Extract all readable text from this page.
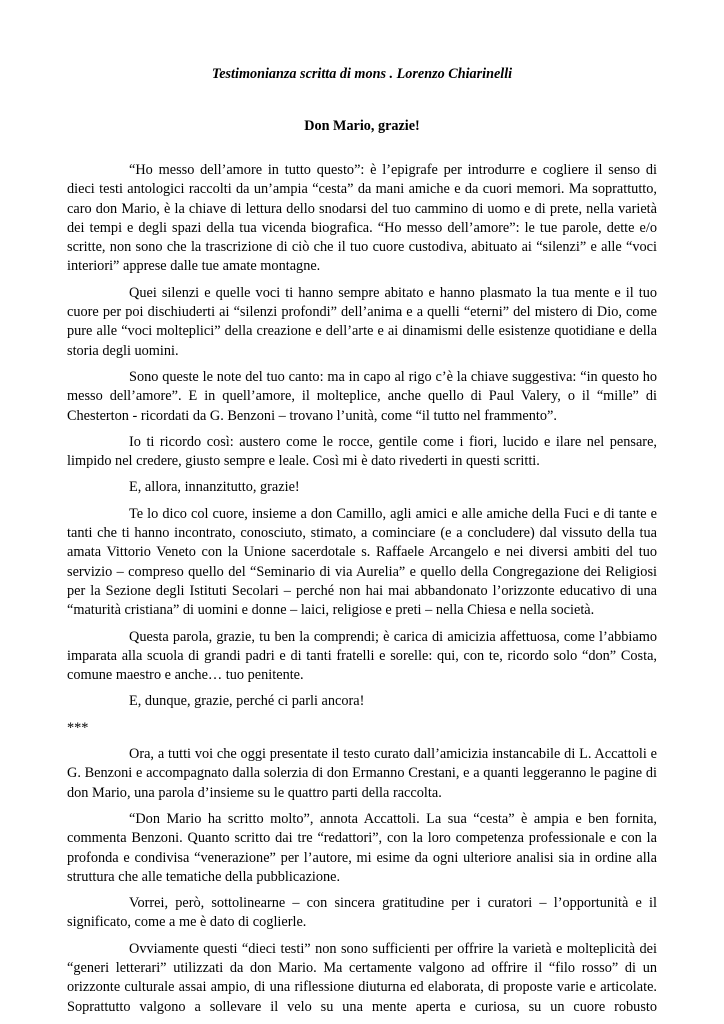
Testimonianza scritta di mons . Lorenzo Chiarinelli
Don Mario, grazie!

“Ho messo dell’amore in tutto questo”: è l’epigrafe per introdurre e cogliere il senso di dieci testi antologici raccolti da un’ampia “cesta” da mani amiche e da cuori memori. Ma soprattutto, caro don Mario, è la chiave di lettura dello snodarsi del tuo cammino di uomo e di prete, nella varietà dei tempi e degli spazi della tua vicenda biografica. “Ho messo dell’amore”: le tue parole, dette e/o scritte, non sono che la trascrizione di ciò che il tuo cuore custodiva, abituato ai “silenzi” e alle “voci interiori” apprese dalle tue amate montagne.

Quei silenzi e quelle voci ti hanno sempre abitato e hanno plasmato la tua mente e il tuo cuore per poi dischiuderti ai “silenzi profondi” dell’anima e a quelli “eterni” del mistero di Dio, come pure alle “voci molteplici” della creazione e dell’arte e ai dinamismi delle esistenze quotidiane e della storia degli uomini.

Sono queste le note del tuo canto: ma in capo al rigo c’è la chiave suggestiva: “in questo ho messo dell’amore”. E in quell’amore, il molteplice, anche quello di Paul Valery, o il “mille” di Chesterton - ricordati da G. Benzoni – trovano l’unità, come “il tutto nel frammento”.

Io ti ricordo così: austero come le rocce, gentile come i fiori, lucido e ilare nel pensare, limpido nel credere, giusto sempre e leale. Così mi è dato rivederti in questi scritti.

E, allora, innanzitutto, grazie!

Te lo dico col cuore, insieme a don Camillo, agli amici e alle amiche della Fuci e di tante e tanti che ti hanno incontrato, conosciuto, stimato, a cominciare (e a concludere) dal vissuto della tua amata Vittorio Veneto con la Unione sacerdotale s. Raffaele Arcangelo e nei diversi ambiti del tuo servizio – compreso quello del “Seminario di via Aurelia” e quello della Congregazione dei Religiosi per la Sezione degli Istituti Secolari – perché non hai mai abbandonato l’orizzonte educativo di una “maturità cristiana” di uomini e donne – laici, religiose e preti – nella Chiesa e nella società.

Questa parola, grazie, tu ben la comprendi; è carica di amicizia affettuosa, come l’abbiamo imparata alla scuola di grandi padri e di tanti fratelli e sorelle: qui, con te, ricordo solo “don” Costa, comune maestro e anche… tuo penitente.

E, dunque, grazie, perché ci parli ancora!

***

Ora, a tutti voi che oggi presentate il testo curato dall’amicizia instancabile di L. Accattoli e G. Benzoni e accompagnato dalla solerzia di don Ermanno Crestani, e a quanti leggeranno le pagine di don Mario, una parola d’insieme su le quattro parti della raccolta.

“Don Mario ha scritto molto”, annota Accattoli. La sua “cesta” è ampia e ben fornita, commenta Benzoni. Quanto scritto dai tre “redattori”, con la loro competenza professionale e con la profonda e condivisa “venerazione” per l’autore, mi esime da ogni ulteriore analisi sia in ordine alla struttura che alle tematiche della pubblicazione.

Vorrei, però, sottolinearne – con sincera gratitudine per i curatori – l’opportunità e il significato, come a me è dato di coglierle.

Ovviamente questi “dieci testi” non sono sufficienti per offrire la varietà e molteplicità dei “generi letterari” utilizzati da don Mario. Ma certamente valgono ad offrire il “filo rosso” di un orizzonte culturale assai ampio, di una riflessione diuturna ed elaborata, di proposte varie e articolate. Soprattutto valgono a sollevare il velo su una mente aperta e curiosa, su un cuore robusto
